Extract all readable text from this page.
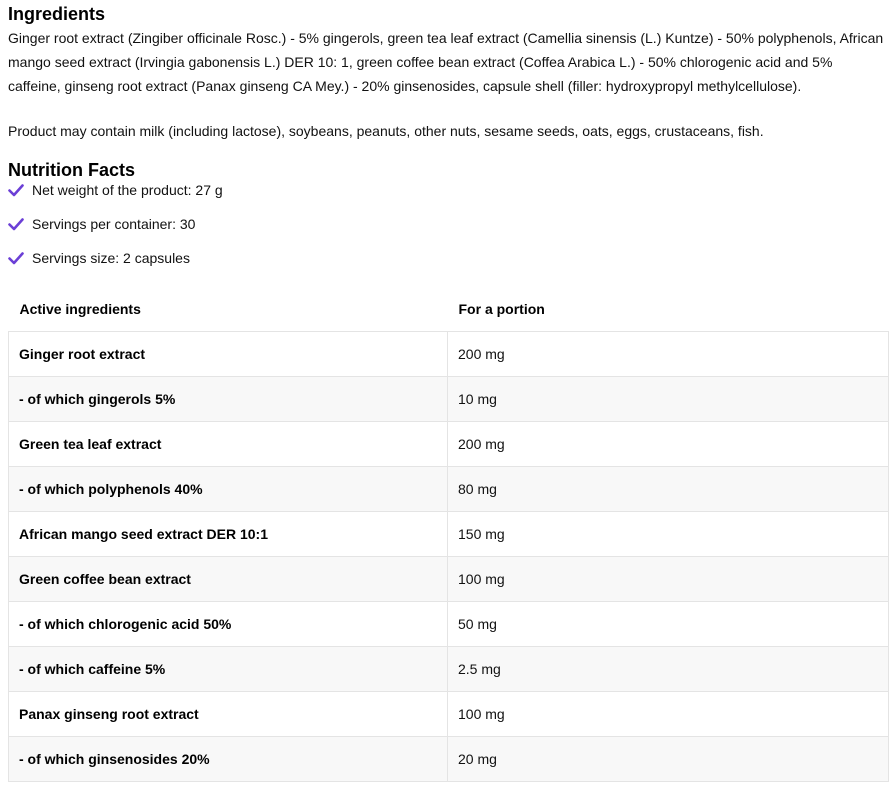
Ingredients

Ginger root extract (Zingiber officinale Rosc.) - 5% gingerols, green tea leaf extract (Camellia sinensis (L.) Kuntze) - 50% polyphenols, African mango seed extract (Irvingia gabonensis L.) DER 10: 1, green coffee bean extract (Coffea Arabica L.) - 50% chlorogenic acid and 5% caffeine, ginseng root extract (Panax ginseng CA Mey.) - 20% ginsenosides, capsule shell (filler: hydroxypropyl methylcellulose).

Product may contain milk (including lactose), soybeans, peanuts, other nuts, sesame seeds, oats, eggs, crustaceans, fish.

Nutrition Facts
Net weight of the product: 27 g
Servings per container: 30
Servings size: 2 capsules
Active ingredients	For a portion
Ginger root extract	200 mg
- of which gingerols 5%	10 mg
Green tea leaf extract	200 mg
- of which polyphenols 40%	80 mg
African mango seed extract DER 10:1	150 mg
Green coffee bean extract	100 mg
- of which chlorogenic acid 50%	50 mg
- of which caffeine 5%	2.5 mg
Panax ginseng root extract	100 mg
- of which ginsenosides 20%	20 mg
